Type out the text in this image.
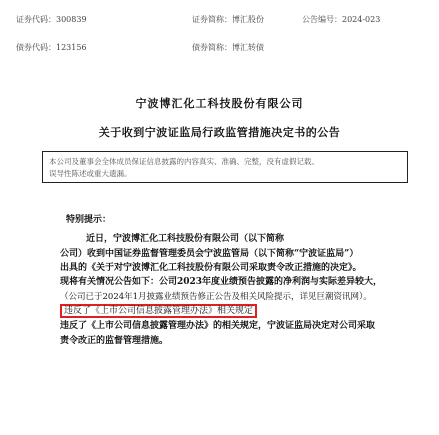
证券代码：300839	证券简称：博汇股份	公告编号：2024-023
债券代码：123156	债券简称：博汇转债
宁波博汇化工科技股份有限公司
关于收到宁波证监局行政监管措施决定书的公告

本公司及董事会全体成员保证信息披露的内容真实、准确、完整，没有虚假记载、

误导性陈述或重大遗漏。

特别提示：
近日，宁波博汇化工科技股份有限公司（以下简称
公司）收到中国证券监督管理委员会宁波监管局（以下简称“宁波证监局”）
出具的《关于对宁波博汇化工科技股份有限公司采取责令改正措施的决定》。
现将有关情况公告如下：公司2023年度业绩预告披露的净利润与实际差异较大，
（公司已于2024年1月披露业绩预告修正公告及相关风险提示，详见巨潮资讯网）。
违反了《上市公司信息披露管理办法》相关规定
违反了《上市公司信息披露管理办法》的相关规定，宁波证监局决定对公司采取
责令改正的监督管理措施。
